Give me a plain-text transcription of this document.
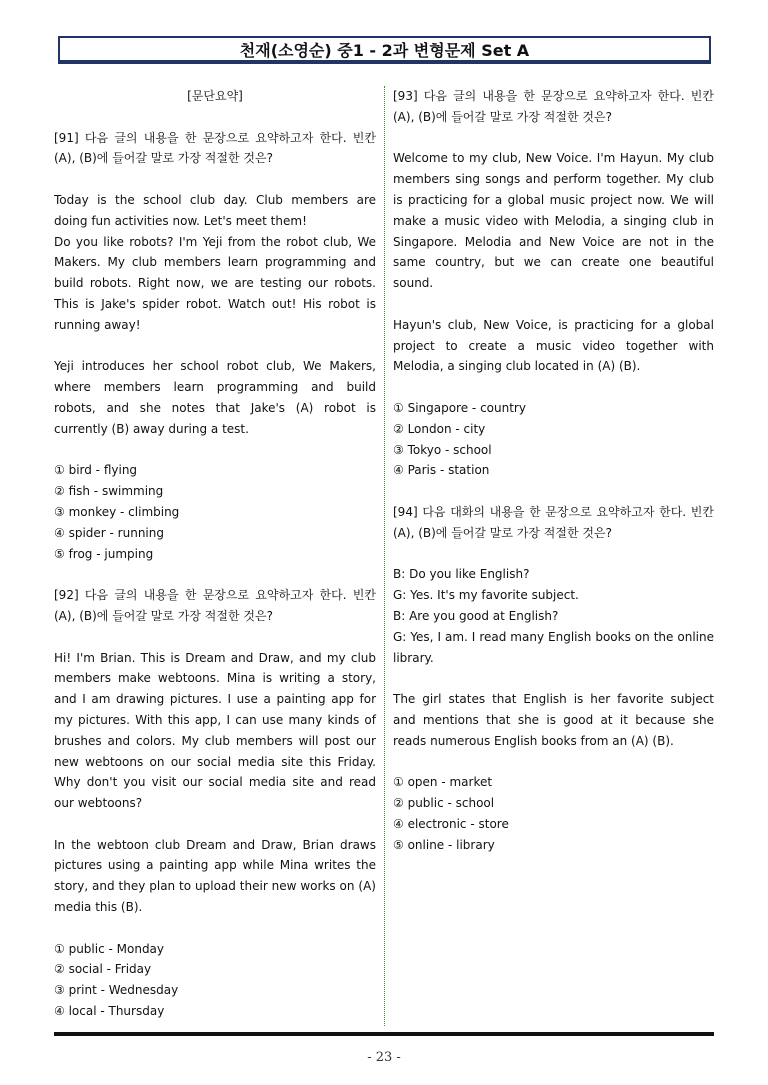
천재(소영순) 중1 - 2과 변형문제 Set A

[문단요약]

[91] 다음 글의 내용을 한 문장으로 요약하고자 한다. 빈칸 (A), (B)에 들어갈 말로 가장 적절한 것은?

Today is the school club day. Club members are doing fun activities now. Let's meet them!

Do you like robots? I'm Yeji from the robot club, We Makers. My club members learn programming and build robots. Right now, we are testing our robots. This is Jake's spider robot. Watch out! His robot is running away!

Yeji introduces her school robot club, We Makers, where members learn programming and build robots, and she notes that Jake's (A) robot is currently (B) away during a test.

① bird - flying

② fish - swimming

③ monkey - climbing

④ spider - running

⑤ frog - jumping

[92] 다음 글의 내용을 한 문장으로 요약하고자 한다. 빈칸 (A), (B)에 들어갈 말로 가장 적절한 것은?

Hi! I'm Brian. This is Dream and Draw, and my club members make webtoons. Mina is writing a story, and I am drawing pictures. I use a painting app for my pictures. With this app, I can use many kinds of brushes and colors. My club members will post our new webtoons on our social media site this Friday. Why don't you visit our social media site and read our webtoons?

In the webtoon club Dream and Draw, Brian draws pictures using a painting app while Mina writes the story, and they plan to upload their new works on (A) media this (B).

① public - Monday

② social - Friday

③ print - Wednesday

④ local - Thursday

[93] 다음 글의 내용을 한 문장으로 요약하고자 한다. 빈칸 (A), (B)에 들어갈 말로 가장 적절한 것은?

Welcome to my club, New Voice. I'm Hayun. My club members sing songs and perform together. My club is practicing for a global music project now. We will make a music video with Melodia, a singing club in Singapore. Melodia and New Voice are not in the same country, but we can create one beautiful sound.

Hayun's club, New Voice, is practicing for a global project to create a music video together with Melodia, a singing club located in (A) (B).

① Singapore - country

② London - city

③ Tokyo - school

④ Paris - station

[94] 다음 대화의 내용을 한 문장으로 요약하고자 한다. 빈칸 (A), (B)에 들어갈 말로 가장 적절한 것은?

B: Do you like English?

G: Yes. It's my favorite subject.

B: Are you good at English?

G: Yes, I am. I read many English books on the online library.

The girl states that English is her favorite subject and mentions that she is good at it because she reads numerous English books from an (A) (B).

① open - market

② public - school

④ electronic - store

⑤ online - library

- 23 -
